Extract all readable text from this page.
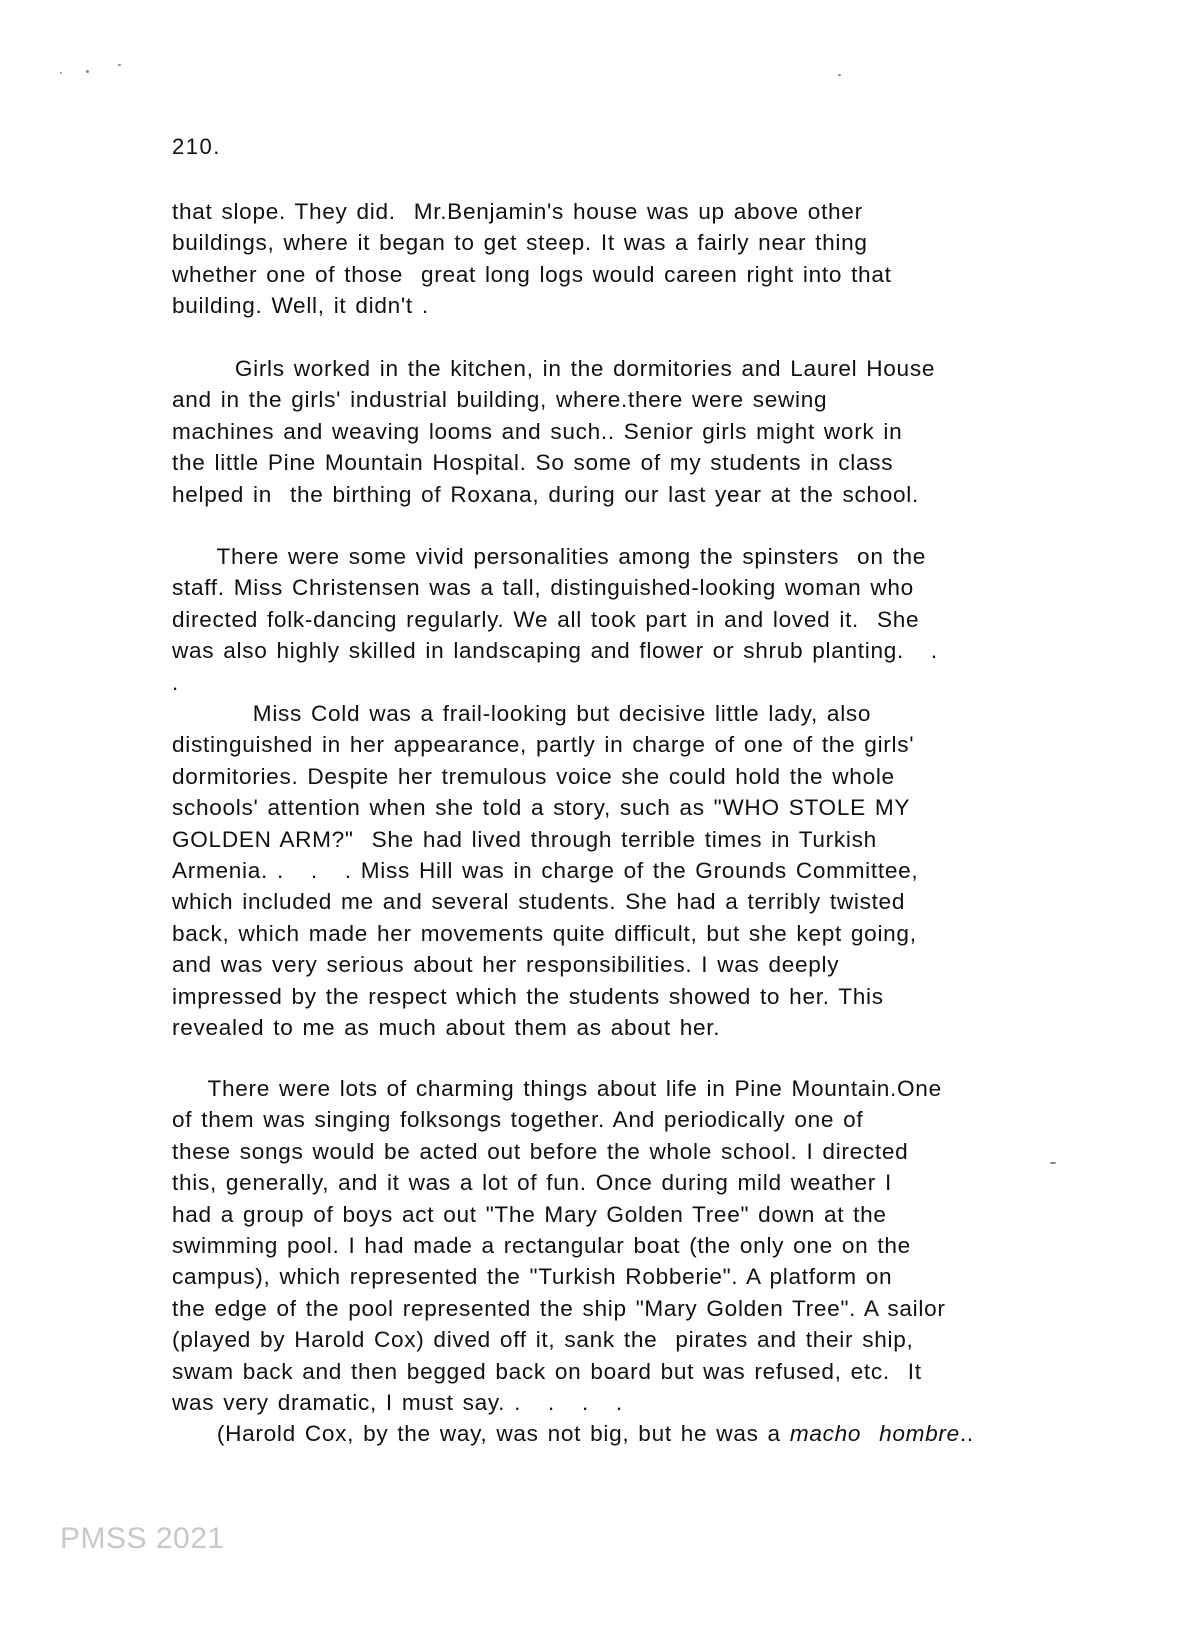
210.

that slope. They did.  Mr.Benjamin's house was up above other
buildings, where it began to get steep. It was a fairly near thing
whether one of those  great long logs would careen right into that
building. Well, it didn't .

Girls worked in the kitchen, in the dormitories and Laurel House
and in the girls' industrial building, where.there were sewing
machines and weaving looms and such.. Senior girls might work in
the little Pine Mountain Hospital. So some of my students in class
helped in  the birthing of Roxana, during our last year at the school.

There were some vivid personalities among the spinsters  on the
staff. Miss Christensen was a tall, distinguished-looking woman who
directed folk-dancing regularly. We all took part in and loved it.  She
was also highly skilled in landscaping and flower or shrub planting.   .
.

Miss Cold was a frail-looking but decisive little lady, also
distinguished in her appearance, partly in charge of one of the girls'
dormitories. Despite her tremulous voice she could hold the whole
schools' attention when she told a story, such as "WHO STOLE MY
GOLDEN ARM?"  She had lived through terrible times in Turkish
Armenia. .   .   . Miss Hill was in charge of the Grounds Committee,
which included me and several students. She had a terribly twisted
back, which made her movements quite difficult, but she kept going,
and was very serious about her responsibilities. I was deeply
impressed by the respect which the students showed to her. This
revealed to me as much about them as about her.

There were lots of charming things about life in Pine Mountain.One
of them was singing folksongs together. And periodically one of
these songs would be acted out before the whole school. I directed
this, generally, and it was a lot of fun. Once during mild weather I
had a group of boys act out "The Mary Golden Tree" down at the
swimming pool. I had made a rectangular boat (the only one on the
campus), which represented the "Turkish Robberie". A platform on
the edge of the pool represented the ship "Mary Golden Tree". A sailor
(played by Harold Cox) dived off it, sank the  pirates and their ship,
swam back and then begged back on board but was refused, etc.  It
was very dramatic, I must say. .   .   .   .
(Harold Cox, by the way, was not big, but he was a macho  hombre..

PMSS 2021
